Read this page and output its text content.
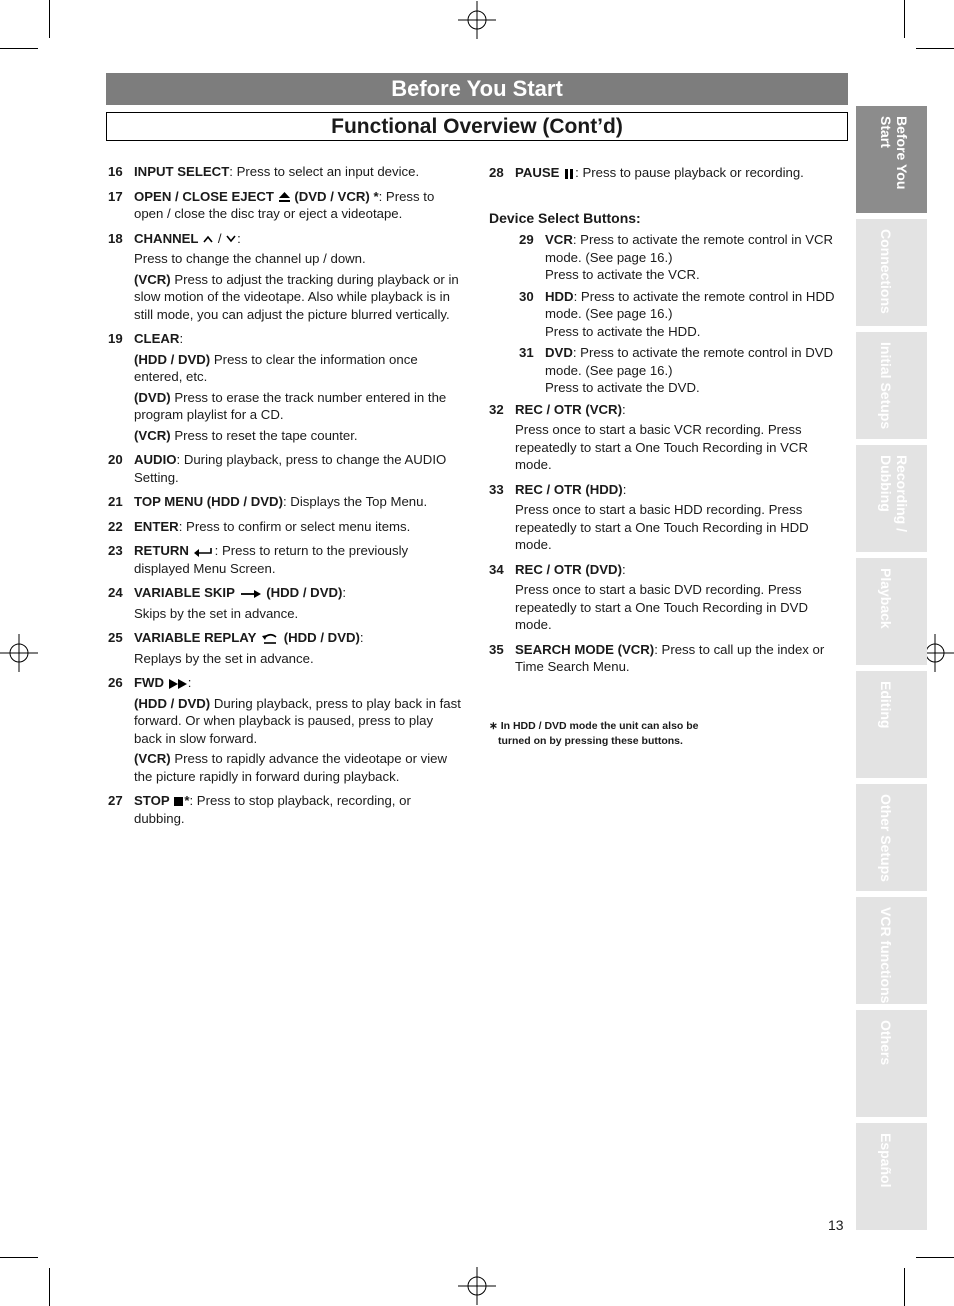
Before You Start
Functional Overview (Cont’d)
16 INPUT SELECT: Press to select an input device.
17 OPEN / CLOSE EJECT (DVD / VCR) *: Press to open / close the disc tray or eject a videotape.
18 CHANNEL  / :
Press to change the channel up / down.
(VCR) Press to adjust the tracking during playback or in slow motion of the videotape. Also while playback is in still mode, you can adjust the picture blurred vertically.
19 CLEAR:
(HDD / DVD) Press to clear the information once entered, etc.
(DVD) Press to erase the track number entered in the program playlist for a CD.
(VCR) Press to reset the tape counter.
20 AUDIO: During playback, press to change the AUDIO Setting.
21 TOP MENU (HDD / DVD): Displays the Top Menu.
22 ENTER: Press to confirm or select menu items.
23 RETURN : Press to return to the previously displayed Menu Screen.
24 VARIABLE SKIP (HDD / DVD):
Skips by the set in advance.
25 VARIABLE REPLAY (HDD / DVD):
Replays by the set in advance.
26 FWD :
(HDD / DVD) During playback, press to play back in fast forward. Or when playback is paused, press to play back in slow forward.
(VCR) Press to rapidly advance the videotape or view the picture rapidly in forward during playback.
27 STOP *: Press to stop playback, recording, or dubbing.
28 PAUSE : Press to pause playback or recording.
Device Select Buttons:
29 VCR: Press to activate the remote control in VCR mode. (See page 16.)
Press to activate the VCR.
30 HDD: Press to activate the remote control in HDD mode. (See page 16.)
Press to activate the HDD.
31 DVD: Press to activate the remote control in DVD mode. (See page 16.)
Press to activate the DVD.
32 REC / OTR (VCR):
Press once to start a basic VCR recording. Press repeatedly to start a One Touch Recording in VCR mode.
33 REC / OTR (HDD):
Press once to start a basic HDD recording. Press repeatedly to start a One Touch Recording in HDD mode.
34 REC / OTR (DVD):
Press once to start a basic DVD recording. Press repeatedly to start a One Touch Recording in DVD mode.
35 SEARCH MODE (VCR): Press to call up the index or Time Search Menu.
∗ In HDD / DVD mode the unit can also be
turned on by pressing these buttons.
Before You
Start
Connections
Initial Setups
Recording /
Dubbing
Playback
Editing
Other Setups
VCR functions
Others
Español
13
